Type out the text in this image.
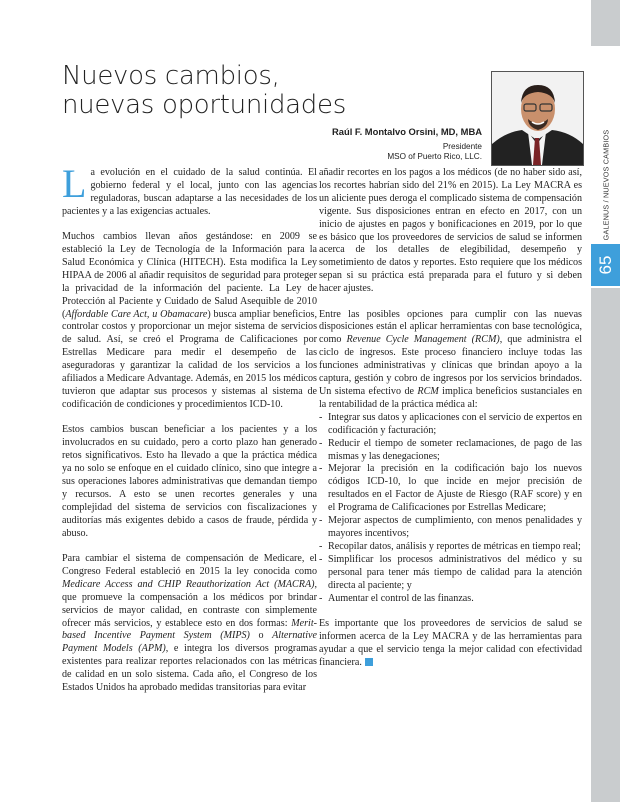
GALENUS / NUEVOS CAMBIOS
65
Nuevos cambios,
nuevas oportunidades
Raúl F. Montalvo Orsini, MD, MBA
Presidente
MSO of Puerto Rico, LLC.

La evolución en el cuidado de la salud continúa. El gobierno federal y el local, junto con las agencias reguladoras, buscan adaptarse a las necesidades de los pacientes y a las exigencias actuales.

Muchos cambios llevan años gestándose: en 2009 se estableció la Ley de Tecnología de la Información para la Salud Económica y Clínica (HITECH). Esta modifica la Ley HIPAA de 2006 al añadir requisitos de seguridad para proteger la privacidad de la información del paciente. La Ley de Protección al Paciente y Cuidado de Salud Asequible de 2010 (Affordable Care Act, u Obamacare) busca ampliar beneficios, controlar costos y proporcionar un mejor sistema de servicios de salud. Así, se creó el Programa de Calificaciones por Estrellas Medicare para medir el desempeño de las aseguradoras y garantizar la calidad de los servicios a los afiliados a Medicare Advantage. Además, en 2015 los médicos tuvieron que adaptar sus procesos y sistemas al sistema de codificación de condiciones y procedimientos ICD-10.

Estos cambios buscan beneficiar a los pacientes y a los involucrados en su cuidado, pero a corto plazo han generado retos significativos. Esto ha llevado a que la práctica médica ya no solo se enfoque en el cuidado clínico, sino que integre a sus operaciones labores administrativas que demandan tiempo y recursos. A esto se unen recortes generales y una complejidad del sistema de servicios con fiscalizaciones y auditorías más exigentes debido a casos de fraude, pérdida y abuso.

Para cambiar el sistema de compensación de Medicare, el Congreso Federal estableció en 2015 la ley conocida como Medicare Access and CHIP Reauthorization Act (MACRA), que promueve la compensación a los médicos por brindar servicios de mayor calidad, en contraste con simplemente ofrecer más servicios, y establece esto en dos formas: Merit-based Incentive Payment System (MIPS) o Alternative Payment Models (APM), e integra los diversos programas existentes para realizar reportes relacionados con las métricas de calidad en un solo sistema. Cada año, el Congreso de los Estados Unidos ha aprobado medidas transitorias para evitar

añadir recortes en los pagos a los médicos (de no haber sido así, los recortes habrían sido del 21% en 2015). La Ley MACRA es un aliciente pues deroga el complicado sistema de compensación vigente. Sus disposiciones entran en efecto en 2017, con un inicio de ajustes en pagos y bonificaciones en 2019, por lo que es básico que los proveedores de servicios de salud se informen acerca de los detalles de elegibilidad, desempeño y sometimiento de datos y reportes. Esto requiere que los médicos sepan si su práctica está preparada para el futuro y si deben hacer ajustes.

Entre las posibles opciones para cumplir con las nuevas disposiciones están el aplicar herramientas con base tecnológica, como Revenue Cycle Management (RCM), que administra el ciclo de ingresos. Este proceso financiero incluye todas las funciones administrativas y clínicas que brindan apoyo a la captura, gestión y cobro de ingresos por los servicios brindados. Un sistema efectivo de RCM implica beneficios sustanciales en la rentabilidad de la práctica médica al:

- Integrar sus datos y aplicaciones con el servicio de expertos en codificación y facturación;
- Reducir el tiempo de someter reclamaciones, de pago de las mismas y las denegaciones;
- Mejorar la precisión en la codificación bajo los nuevos códigos ICD-10, lo que incide en mejor precisión de resultados en el Factor de Ajuste de Riesgo (RAF score) y en el Programa de Calificaciones por Estrellas Medicare;
- Mejorar aspectos de cumplimiento, con menos penalidades y mayores incentivos;
- Recopilar datos, análisis y reportes de métricas en tiempo real;
- Simplificar los procesos administrativos del médico y su personal para tener más tiempo de calidad para la atención directa al paciente; y
- Aumentar el control de las finanzas.

Es importante que los proveedores de servicios de salud se informen acerca de la Ley MACRA y de las herramientas para ayudar a que el servicio tenga la mejor calidad con efectividad financiera.
